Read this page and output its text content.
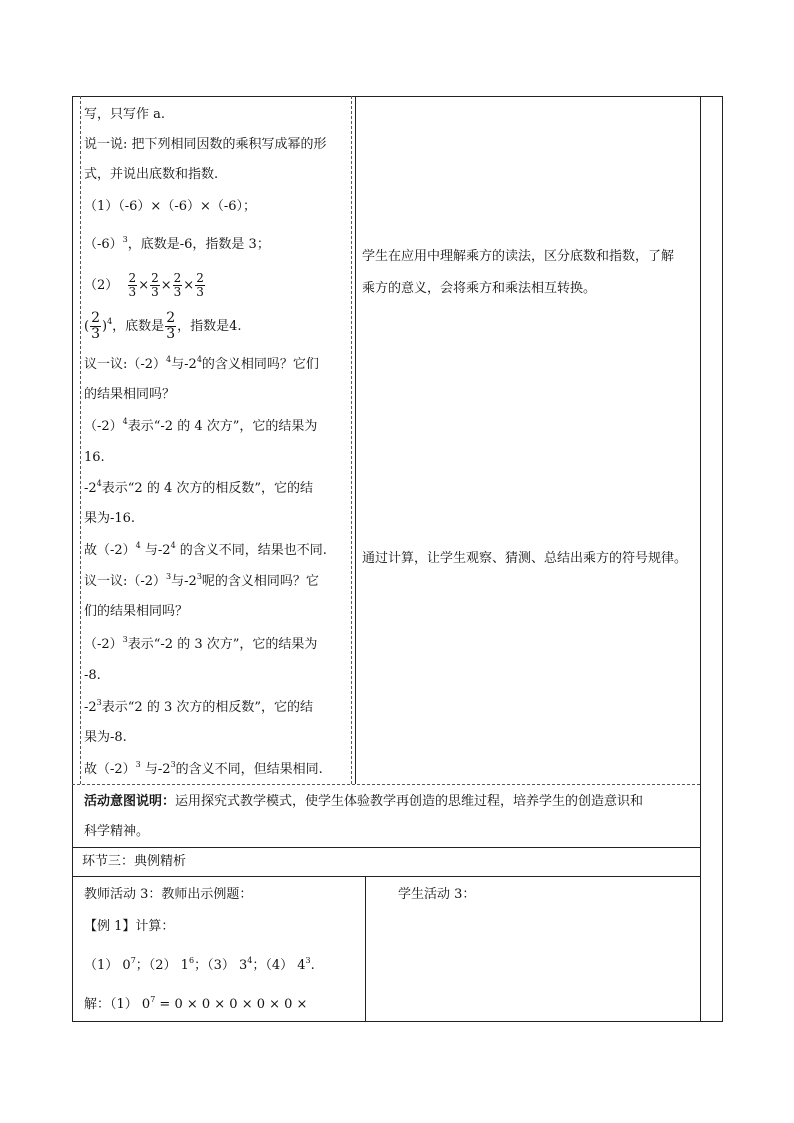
写，只写作 a.
说一说: 把下列相同因数的乘积写成幂的形
式，并说出底数和指数.
（1）（-6）×（-6）×（-6）；
$(-6)^3$，底数是-6，指数是 3；
$(2) \frac{2}{3} \times \frac{2}{3} \times \frac{2}{3} \times \frac{2}{3}$
( $\frac{2}{3} )^4$，底数是 $\frac{2}{3}$ ，指数是4.
议一议$:(-2)^4$与$-2^4$的含义相同吗？它们
的结果相同吗？
$(-2)^4$表示“-2 的 4 次方”，它的结果为
16.
$-2^4$表示“2 的 4 次方的相反数”，它的结
果为-16.
故$(-2)^4$ 与$-2^4$ 的含义不同，结果也不同.
议一议$:(-2)^3$与$-2^3$呢的含义相同吗？它
们的结果相同吗？
$(-2)^3$表示“-2 的 3 次方”，它的结果为
-8.
$-2^3$表示“2 的 3 次方的相反数”，它的结
果为-8.
故$(-2)^3$ 与$-2^3$的含义不同，但结果相同.
学生在应用中理解乘方的读法，区分底数和指数，了解
乘方的意义，会将乘方和乘法相互转换。
通过计算，让学生观察、猜测、总结出乘方的符号规律。
活动意图说明：运用探究式教学模式，使学生体验教学再创造的思维过程，培养学生的创造意识和
科学精神。
环节三：典例精析
教师活动 3：教师出示例题：
【例 1】计算：
（1） $0^7$；（2） $1^6$；（3） $3^4$；（4） $4^3$.
解：（1） $0^7 = 0 \times 0 \times 0 \times 0 \times 0$ ×
学生活动 3：
